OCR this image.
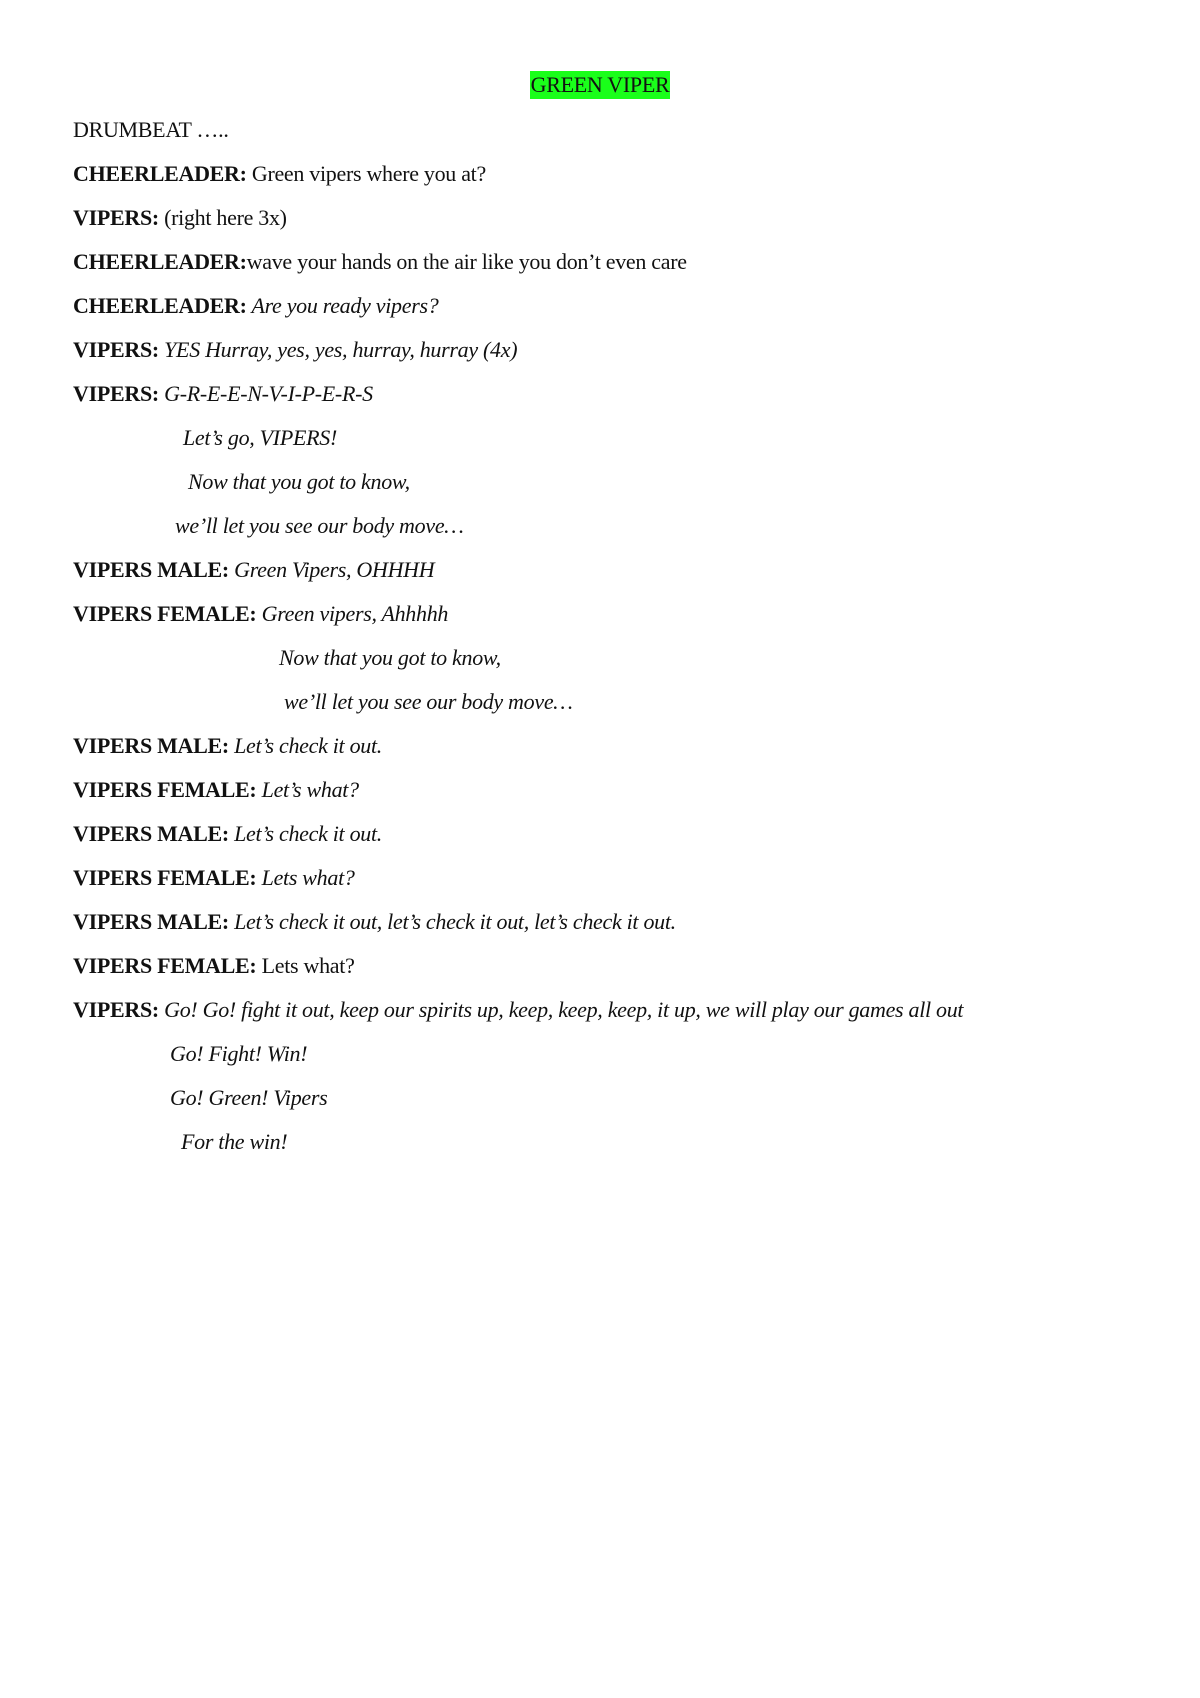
GREEN VIPER
DRUMBEAT …..
CHEERLEADER: Green vipers where you at?
VIPERS: (right here 3x)
CHEERLEADER:wave your hands on the air like you don’t even care
CHEERLEADER: Are you ready vipers?
VIPERS: YES Hurray, yes, yes, hurray, hurray (4x)
VIPERS: G-R-E-E-N-V-I-P-E-R-S
Let’s go, VIPERS!
Now that you got to know,
we’ll let you see our body move…
VIPERS MALE: Green Vipers, OHHHH
VIPERS FEMALE: Green vipers, Ahhhhh
Now that you got to know,
we’ll let you see our body move…
VIPERS MALE: Let’s check it out.
VIPERS FEMALE: Let’s what?
VIPERS MALE: Let’s check it out.
VIPERS FEMALE: Lets what?
VIPERS MALE: Let’s check it out, let’s check it out, let’s check it out.
VIPERS FEMALE: Lets what?
VIPERS: Go! Go! fight it out, keep our spirits up, keep, keep, keep, it up, we will play our games all out
Go! Fight! Win!
Go! Green! Vipers
For the win!
